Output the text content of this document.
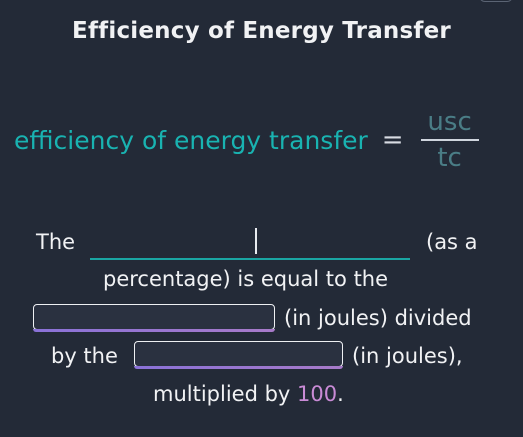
Efficiency of Energy Transfer
efficiency of energy transfer = $\frac{\text{usc}}{tc}$
The	(as a
percentage) is equal to the
(in joules) divided
by the	(in joules),
multiplied by 100.
